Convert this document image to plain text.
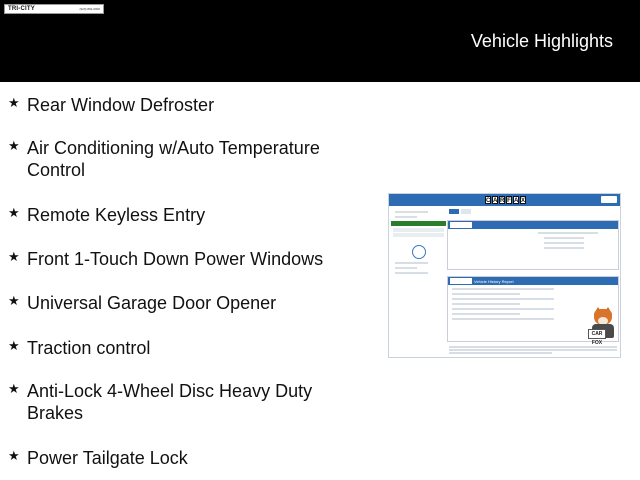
TRI-CITY	(920) 892-0000
Vehicle Highlights
★ Rear Window Defroster
★ Air Conditioning w/Auto Temperature Control
★ Remote Keyless Entry
★ Front 1-Touch Down Power Windows
★ Universal Garage Door Opener
★ Traction control
★ Anti-Lock 4-Wheel Disc Heavy Duty Brakes
★ Power Tailgate Lock
C A R F A X
Vehicle History Report
CAR FOX
